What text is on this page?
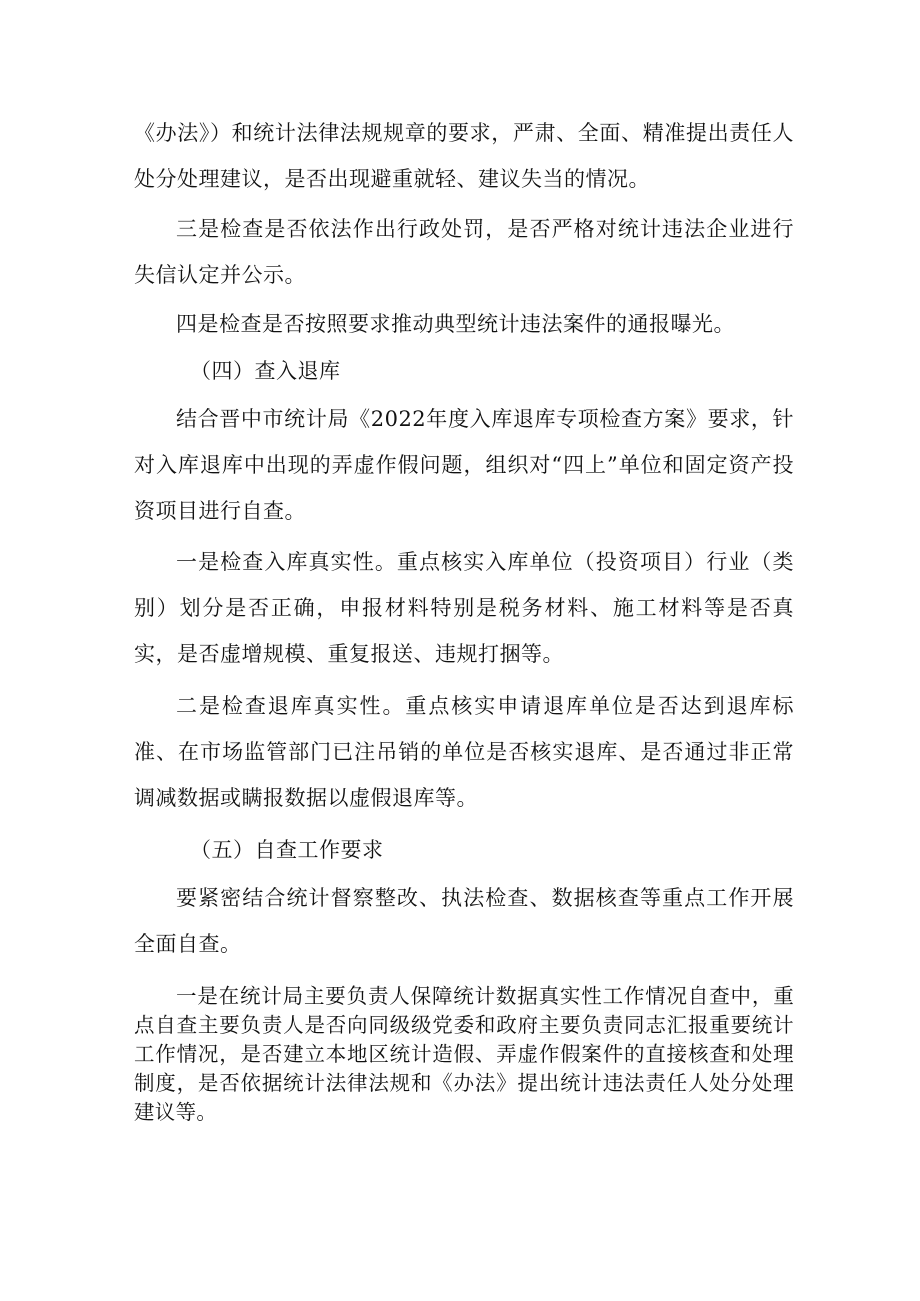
《办法》）和统计法律法规规章的要求，严肃、全面、精准提出责任人处分处理建议，是否出现避重就轻、建议失当的情况。

三是检查是否依法作出行政处罚，是否严格对统计违法企业进行失信认定并公示。

四是检查是否按照要求推动典型统计违法案件的通报曝光。

（四）查入退库

结合晋中市统计局《2022年度入库退库专项检查方案》要求，针对入库退库中出现的弄虚作假问题，组织对“四上”单位和固定资产投资项目进行自查。

一是检查入库真实性。重点核实入库单位（投资项目）行业（类别）划分是否正确，申报材料特别是税务材料、施工材料等是否真实，是否虚增规模、重复报送、违规打捆等。

二是检查退库真实性。重点核实申请退库单位是否达到退库标准、在市场监管部门已注吊销的单位是否核实退库、是否通过非正常调减数据或瞒报数据以虚假退库等。

（五）自查工作要求

要紧密结合统计督察整改、执法检查、数据核查等重点工作开展全面自查。

一是在统计局主要负责人保障统计数据真实性工作情况自查中，重点自查主要负责人是否向同级级党委和政府主要负责同志汇报重要统计工作情况，是否建立本地区统计造假、弄虚作假案件的直接核查和处理制度，是否依据统计法律法规和《办法》提出统计违法责任人处分处理建议等。
